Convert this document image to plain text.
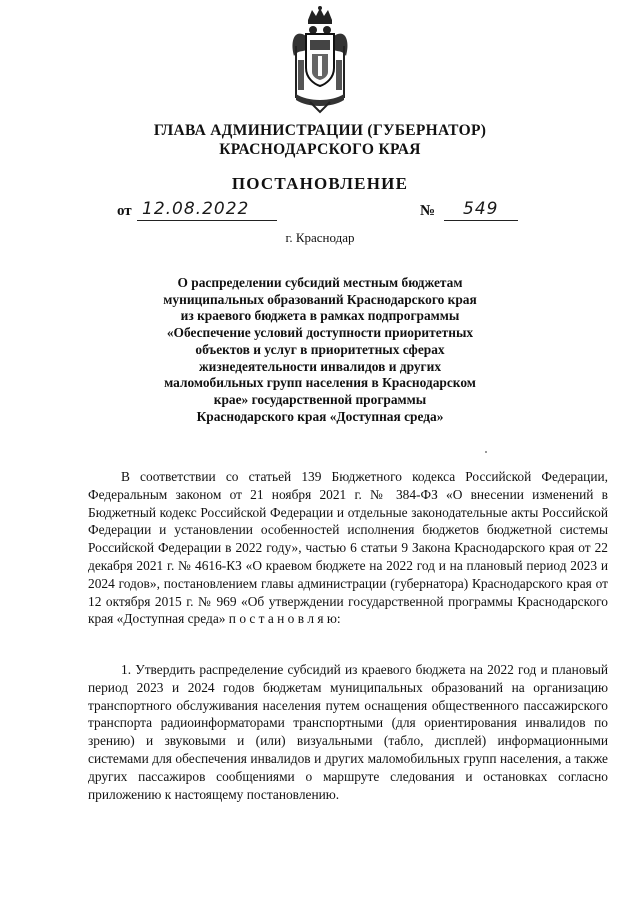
ГЛАВА АДМИНИСТРАЦИИ (ГУБЕРНАТОР)
КРАСНОДАРСКОГО КРАЯ
ПОСТАНОВЛЕНИЕ
от 12.08.2022	№ 549
г. Краснодар
О распределении субсидий местным бюджетам
муниципальных образований Краснодарского края
из краевого бюджета в рамках подпрограммы
«Обеспечение условий доступности приоритетных
объектов и услуг в приоритетных сферах
жизнедеятельности инвалидов и других
маломобильных групп населения в Краснодарском
крае» государственной программы
Краснодарского края «Доступная среда»

В соответствии со статьей 139 Бюджетного кодекса Российской Федерации, Федеральным законом от 21 ноября 2021 г. № 384-ФЗ «О внесении изменений в Бюджетный кодекс Российской Федерации и отдельные законодательные акты Российской Федерации и установлении особенностей исполнения бюджетов бюджетной системы Российской Федерации в 2022 году», частью 6 статьи 9 Закона Краснодарского края от 22 декабря 2021 г. № 4616-КЗ «О краевом бюджете на 2022 год и на плановый период 2023 и 2024 годов», постановлением главы администрации (губернатора) Краснодарского края от 12 октября 2015 г. № 969 «Об утверждении государственной программы Краснодарского края «Доступная среда» п о с т а н о в л я ю:

1. Утвердить распределение субсидий из краевого бюджета на 2022 год и плановый период 2023 и 2024 годов бюджетам муниципальных образований на организацию транспортного обслуживания населения путем оснащения общественного пассажирского транспорта радиоинформаторами транспортными (для ориентирования инвалидов по зрению) и звуковыми и (или) визуальными (табло, дисплей) информационными системами для обеспечения инвалидов и других маломобильных групп населения, а также других пассажиров сообщениями о маршруте следования и остановках согласно приложению к настоящему постановлению.
